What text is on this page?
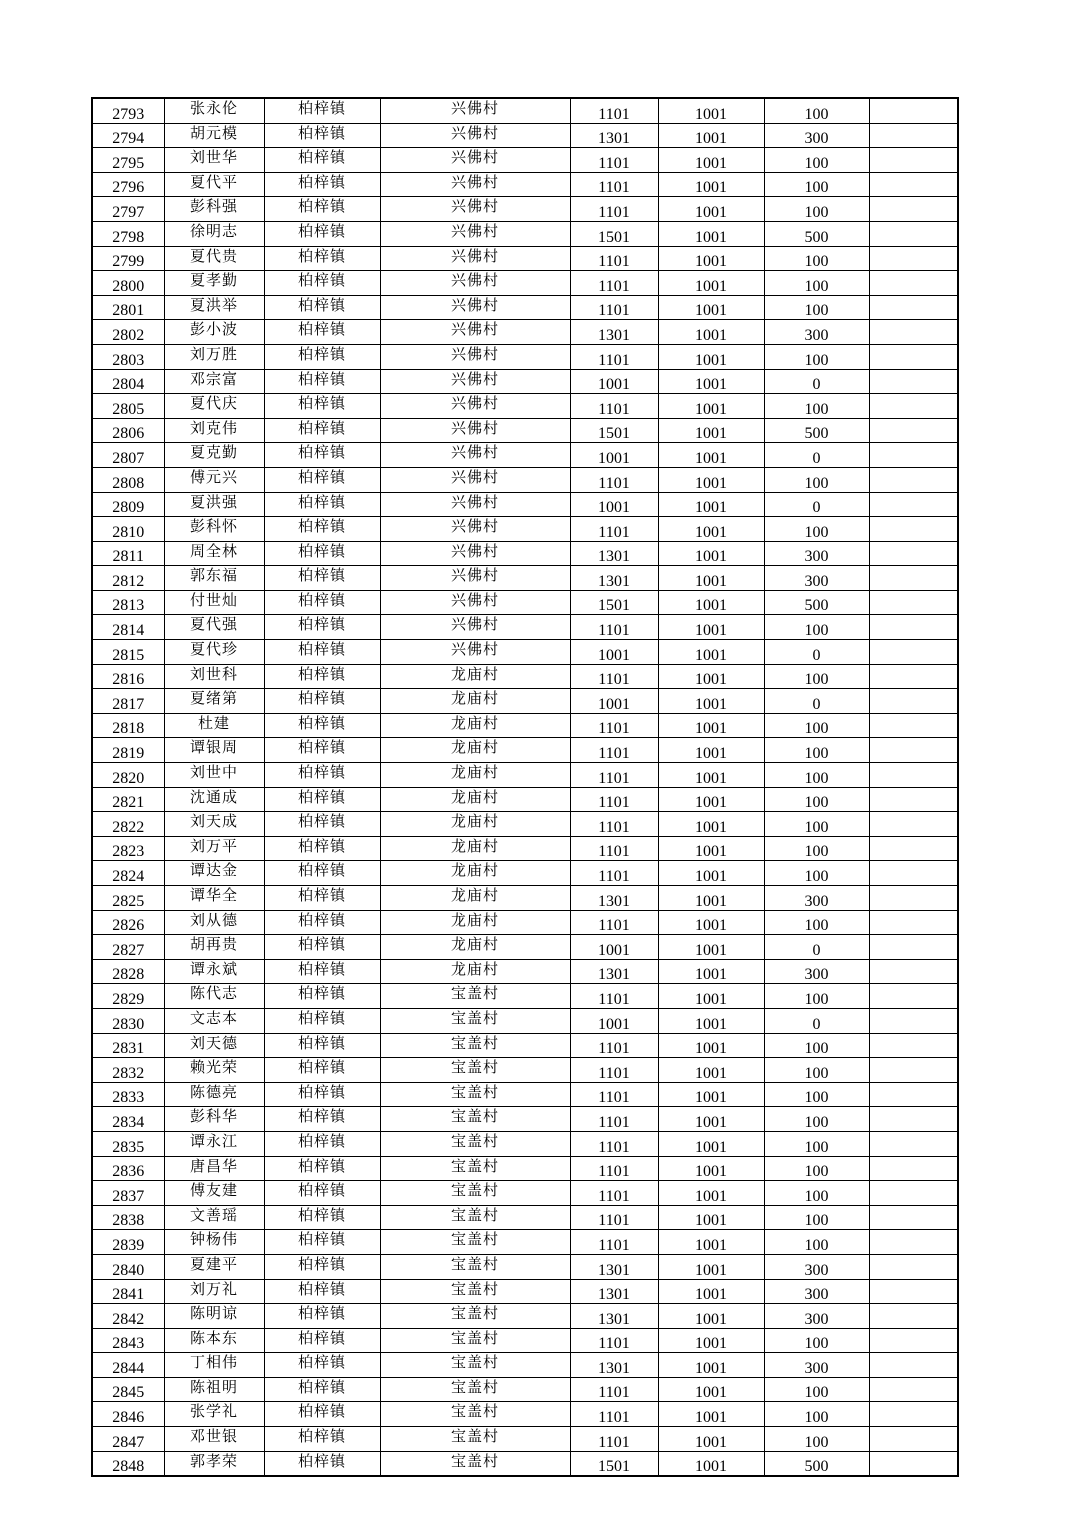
2793	张永伦	柏梓镇	兴佛村	1101	1001	100	
2794	胡元模	柏梓镇	兴佛村	1301	1001	300	
2795	刘世华	柏梓镇	兴佛村	1101	1001	100	
2796	夏代平	柏梓镇	兴佛村	1101	1001	100	
2797	彭科强	柏梓镇	兴佛村	1101	1001	100	
2798	徐明志	柏梓镇	兴佛村	1501	1001	500	
2799	夏代贵	柏梓镇	兴佛村	1101	1001	100	
2800	夏孝勤	柏梓镇	兴佛村	1101	1001	100	
2801	夏洪举	柏梓镇	兴佛村	1101	1001	100	
2802	彭小波	柏梓镇	兴佛村	1301	1001	300	
2803	刘万胜	柏梓镇	兴佛村	1101	1001	100	
2804	邓宗富	柏梓镇	兴佛村	1001	1001	0	
2805	夏代庆	柏梓镇	兴佛村	1101	1001	100	
2806	刘克伟	柏梓镇	兴佛村	1501	1001	500	
2807	夏克勤	柏梓镇	兴佛村	1001	1001	0	
2808	傅元兴	柏梓镇	兴佛村	1101	1001	100	
2809	夏洪强	柏梓镇	兴佛村	1001	1001	0	
2810	彭科怀	柏梓镇	兴佛村	1101	1001	100	
2811	周全林	柏梓镇	兴佛村	1301	1001	300	
2812	郭东福	柏梓镇	兴佛村	1301	1001	300	
2813	付世灿	柏梓镇	兴佛村	1501	1001	500	
2814	夏代强	柏梓镇	兴佛村	1101	1001	100	
2815	夏代珍	柏梓镇	兴佛村	1001	1001	0	
2816	刘世科	柏梓镇	龙庙村	1101	1001	100	
2817	夏绪第	柏梓镇	龙庙村	1001	1001	0	
2818	杜建	柏梓镇	龙庙村	1101	1001	100	
2819	谭银周	柏梓镇	龙庙村	1101	1001	100	
2820	刘世中	柏梓镇	龙庙村	1101	1001	100	
2821	沈通成	柏梓镇	龙庙村	1101	1001	100	
2822	刘天成	柏梓镇	龙庙村	1101	1001	100	
2823	刘万平	柏梓镇	龙庙村	1101	1001	100	
2824	谭达金	柏梓镇	龙庙村	1101	1001	100	
2825	谭华全	柏梓镇	龙庙村	1301	1001	300	
2826	刘从德	柏梓镇	龙庙村	1101	1001	100	
2827	胡再贵	柏梓镇	龙庙村	1001	1001	0	
2828	谭永斌	柏梓镇	龙庙村	1301	1001	300	
2829	陈代志	柏梓镇	宝盖村	1101	1001	100	
2830	文志本	柏梓镇	宝盖村	1001	1001	0	
2831	刘天德	柏梓镇	宝盖村	1101	1001	100	
2832	赖光荣	柏梓镇	宝盖村	1101	1001	100	
2833	陈德亮	柏梓镇	宝盖村	1101	1001	100	
2834	彭科华	柏梓镇	宝盖村	1101	1001	100	
2835	谭永江	柏梓镇	宝盖村	1101	1001	100	
2836	唐昌华	柏梓镇	宝盖村	1101	1001	100	
2837	傅友建	柏梓镇	宝盖村	1101	1001	100	
2838	文善瑶	柏梓镇	宝盖村	1101	1001	100	
2839	钟杨伟	柏梓镇	宝盖村	1101	1001	100	
2840	夏建平	柏梓镇	宝盖村	1301	1001	300	
2841	刘万礼	柏梓镇	宝盖村	1301	1001	300	
2842	陈明谅	柏梓镇	宝盖村	1301	1001	300	
2843	陈本东	柏梓镇	宝盖村	1101	1001	100	
2844	丁相伟	柏梓镇	宝盖村	1301	1001	300	
2845	陈祖明	柏梓镇	宝盖村	1101	1001	100	
2846	张学礼	柏梓镇	宝盖村	1101	1001	100	
2847	邓世银	柏梓镇	宝盖村	1101	1001	100	
2848	郭孝荣	柏梓镇	宝盖村	1501	1001	500	
